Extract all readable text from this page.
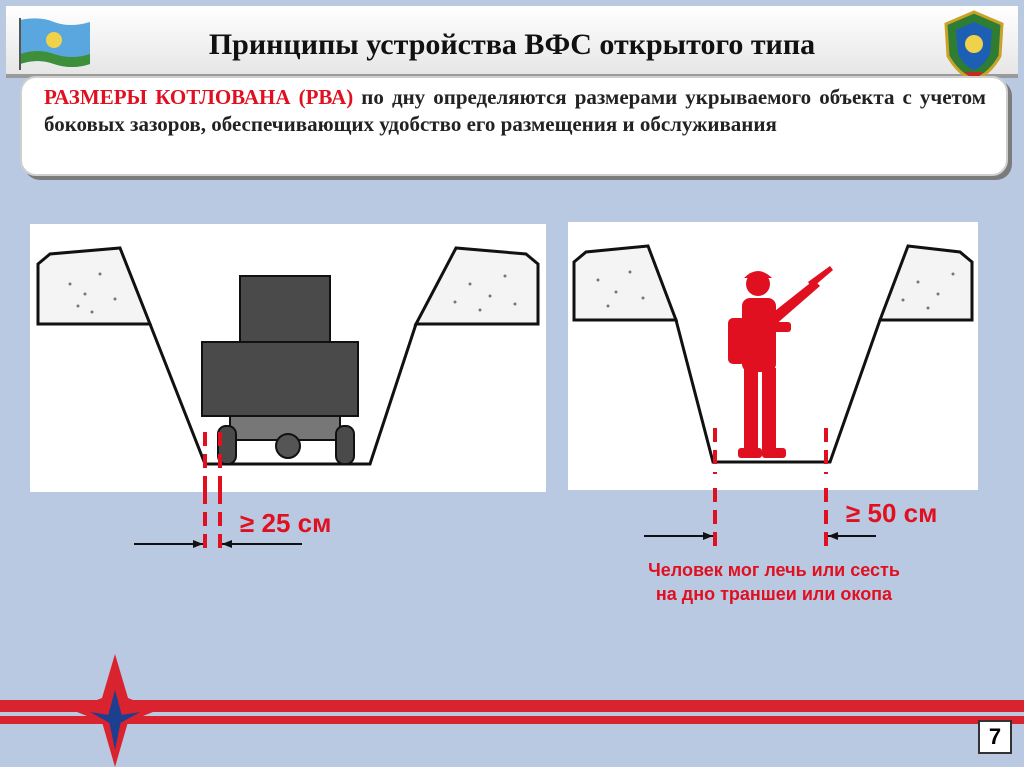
Принципы устройства ВФС открытого типа
РАЗМЕРЫ КОТЛОВАНА (РВА) по дну определяются размерами укрываемого объекта с учетом боковых зазоров, обеспечивающих удобство его размещения и обслуживания
≥ 25 см	≥ 50 см
Человек мог лечь или сесть
на дно траншеи или окопа
7
